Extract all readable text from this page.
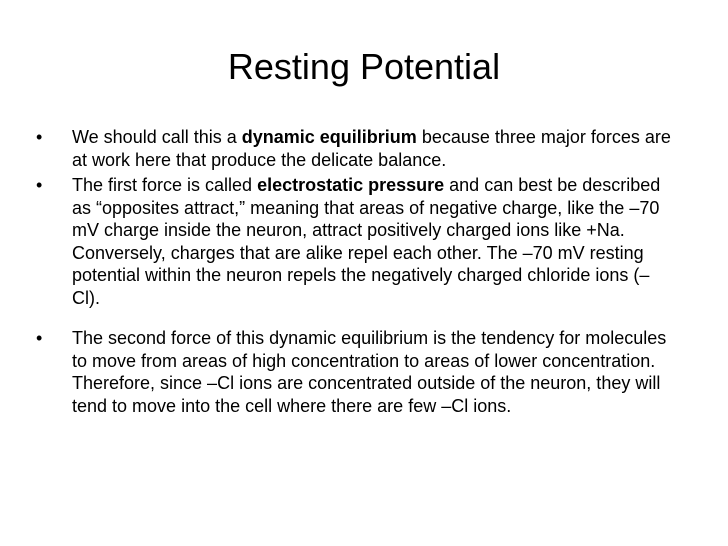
Resting Potential
•	We should call this a dynamic equilibrium because three major forces are at work here that produce the delicate balance.
•	The first force is called electrostatic pressure and can best be described as “opposites attract,” meaning that areas of negative charge, like the –70 mV charge inside the neuron, attract positively charged ions like +Na. Conversely, charges that are alike repel each other. The –70 mV resting potential within the neuron repels the negatively charged chloride ions (–Cl).
•	The second force of this dynamic equilibrium is the tendency for molecules to move from areas of high concentration to areas of lower concentration. Therefore, since –Cl ions are concentrated outside of the neuron, they will tend to move into the cell where there are few –Cl ions.
